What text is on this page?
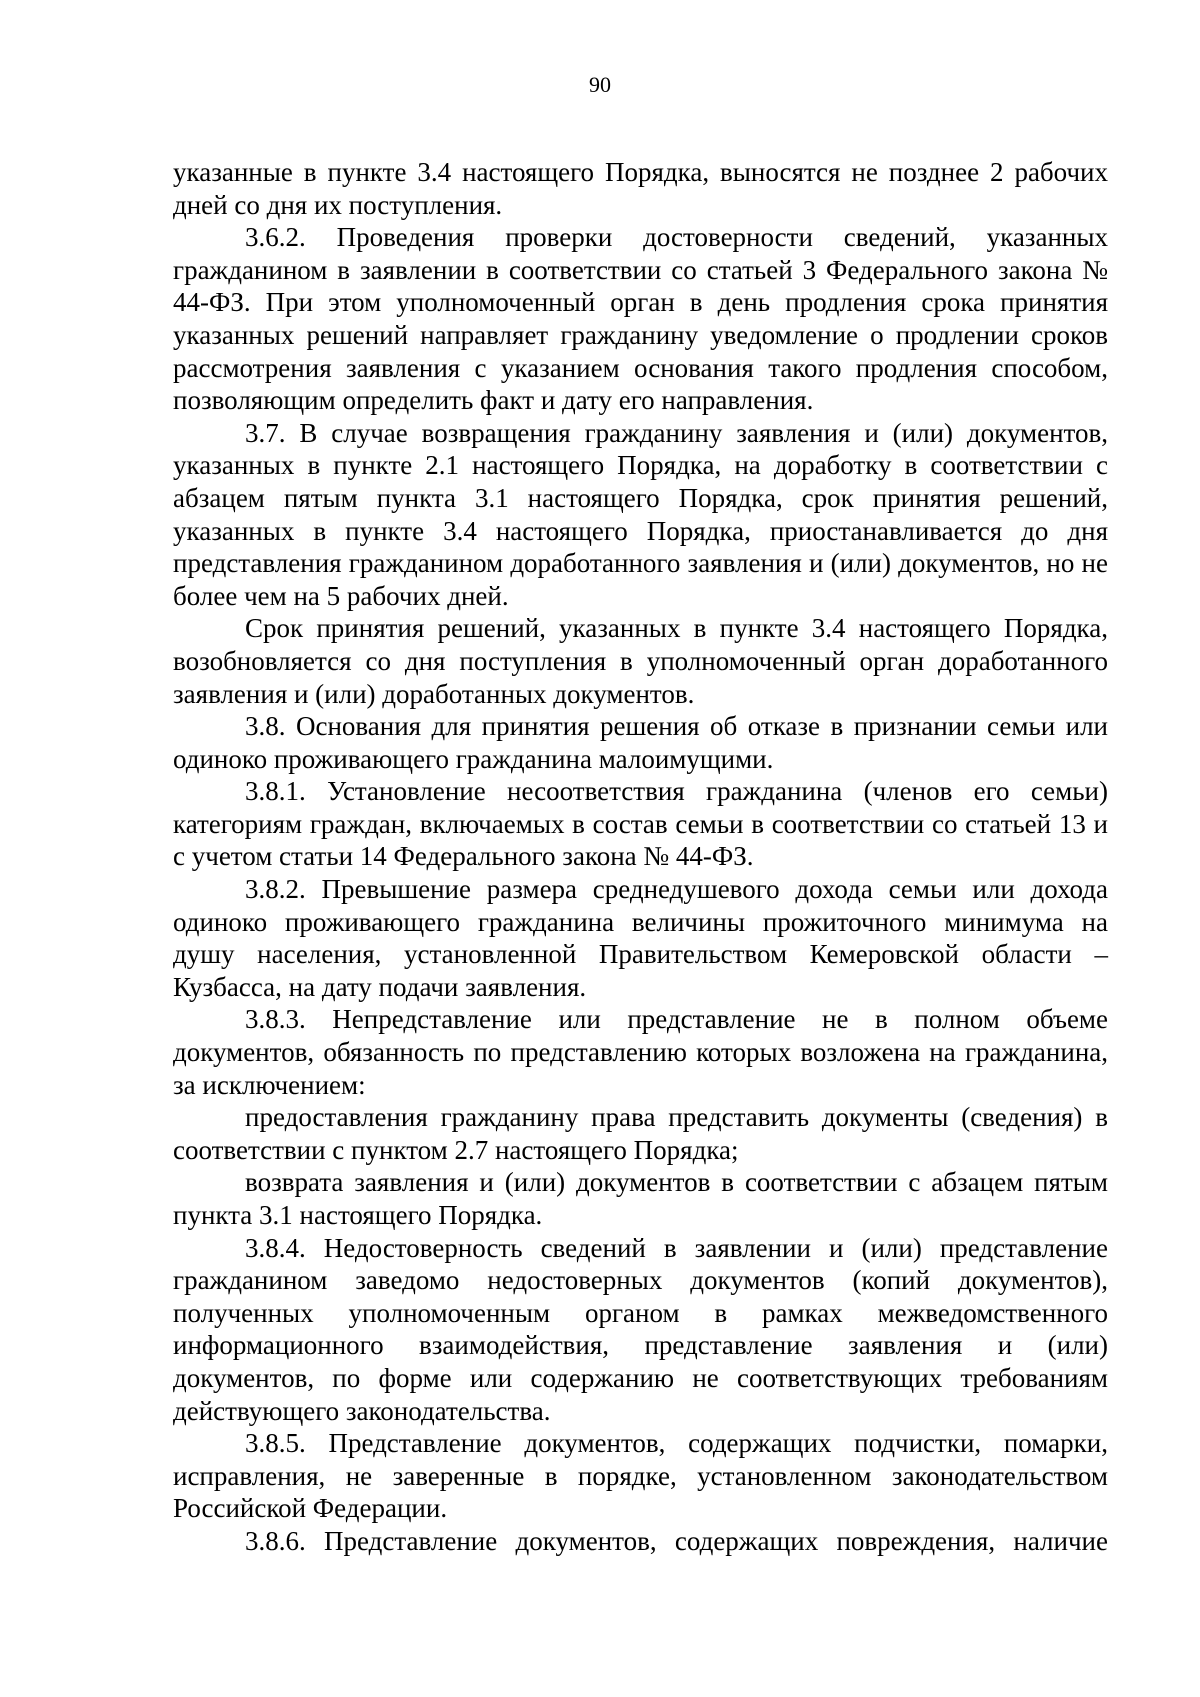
90

указанные в пункте 3.4 настоящего Порядка, выносятся не позднее 2 рабочих дней со дня их поступления.

3.6.2. Проведения проверки достоверности сведений, указанных гражданином в заявлении в соответствии со статьей 3 Федерального закона № 44-ФЗ. При этом уполномоченный орган в день продления срока принятия указанных решений направляет гражданину уведомление о продлении сроков рассмотрения заявления с указанием основания такого продления способом, позволяющим определить факт и дату его направления.

3.7. В случае возвращения гражданину заявления и (или) документов, указанных в пункте 2.1 настоящего Порядка, на доработку в соответствии с абзацем пятым пункта 3.1 настоящего Порядка, срок принятия решений, указанных в пункте 3.4 настоящего Порядка, приостанавливается до дня представления гражданином доработанного заявления и (или) документов, но не более чем на 5 рабочих дней.

Срок принятия решений, указанных в пункте 3.4 настоящего Порядка, возобновляется со дня поступления в уполномоченный орган доработанного заявления и (или) доработанных документов.

3.8. Основания для принятия решения об отказе в признании семьи или одиноко проживающего гражданина малоимущими.

3.8.1. Установление несоответствия гражданина (членов его семьи) категориям граждан, включаемых в состав семьи в соответствии со статьей 13 и с учетом статьи 14 Федерального закона № 44-ФЗ.

3.8.2. Превышение размера среднедушевого дохода семьи или дохода одиноко проживающего гражданина величины прожиточного минимума на душу населения, установленной Правительством Кемеровской области – Кузбасса, на дату подачи заявления.

3.8.3. Непредставление или представление не в полном объеме документов, обязанность по представлению которых возложена на гражданина, за исключением:

предоставления гражданину права представить документы (сведения) в соответствии с пунктом 2.7 настоящего Порядка;

возврата заявления и (или) документов в соответствии с абзацем пятым пункта 3.1 настоящего Порядка.

3.8.4. Недостоверность сведений в заявлении и (или) представление гражданином заведомо недостоверных документов (копий документов), полученных уполномоченным органом в рамках межведомственного информационного взаимодействия, представление заявления и (или) документов, по форме или содержанию не соответствующих требованиям действующего законодательства.

3.8.5. Представление документов, содержащих подчистки, помарки, исправления, не заверенные в порядке, установленном законодательством Российской Федерации.

3.8.6. Представление документов, содержащих повреждения, наличие
